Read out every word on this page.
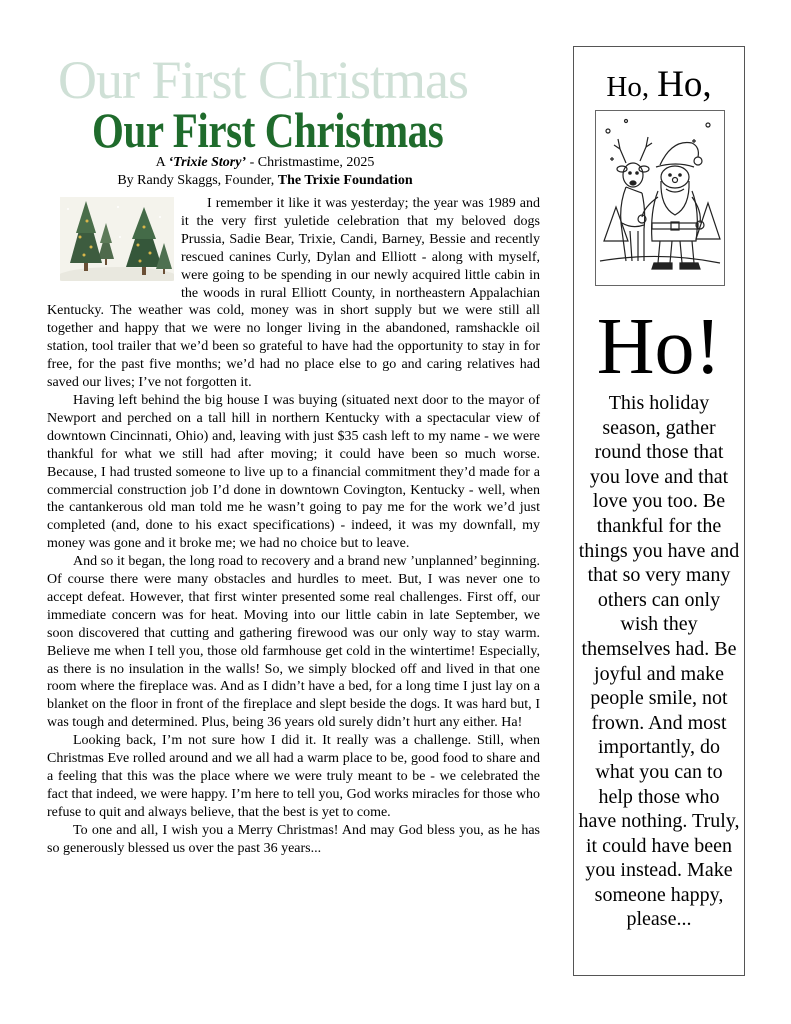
Our First Christmas
Our First Christmas
A ‘Trixie Story’ - Christmastime, 2025
By Randy Skaggs, Founder, The Trixie Foundation

I remember it like it was yesterday; the year was 1989 and it the very first yuletide celebration that my beloved dogs Prussia, Sadie Bear, Trixie, Candi, Barney, Bessie and recently rescued canines Curly, Dylan and Elliott - along with myself, were going to be spending in our newly acquired little cabin in the woods in rural Elliott County, in northeastern Appalachian Kentucky. The weather was cold, money was in short supply but we were still all together and happy that we were no longer living in the abandoned, ramshackle oil station, tool trailer that we’d been so grateful to have had the opportunity to stay in for free, for the past five months; we’d had no place else to go and caring relatives had saved our lives; I’ve not forgotten it.

Having left behind the big house I was buying (situated next door to the mayor of Newport and perched on a tall hill in northern Kentucky with a spectacular view of downtown Cincinnati, Ohio) and, leaving with just $35 cash left to my name - we were thankful for what we still had after moving; it could have been so much worse. Because, I had trusted someone to live up to a financial commitment they’d made for a commercial construction job I’d done in downtown Covington, Kentucky - well, when the cantankerous old man told me he wasn’t going to pay me for the work we’d just completed (and, done to his exact specifications) - indeed, it was my downfall, my money was gone and it broke me; we had no choice but to leave.

And so it began, the long road to recovery and a brand new ’unplanned’ beginning. Of course there were many obstacles and hurdles to meet. But, I was never one to accept defeat. However, that first winter presented some real challenges. First off, our immediate concern was for heat. Moving into our little cabin in late September, we soon discovered that cutting and gathering firewood was our only way to stay warm. Believe me when I tell you, those old farmhouse get cold in the wintertime! Especially, as there is no insulation in the walls! So, we simply blocked off and lived in that one room where the fireplace was. And as I didn’t have a bed, for a long time I just lay on a blanket on the floor in front of the fireplace and slept beside the dogs. It was hard but, I was tough and determined. Plus, being 36 years old surely didn’t hurt any either. Ha!

Looking back, I’m not sure how I did it. It really was a challenge. Still, when Christmas Eve rolled around and we all had a warm place to be, good food to share and a feeling that this was the place where we were truly meant to be - we celebrated the fact that indeed, we were happy. I’m here to tell you, God works miracles for those who refuse to quit and always believe, that the best is yet to come.

To one and all, I wish you a Merry Christmas! And may God bless you, as he has so generously blessed us over the past 36 years...

Ho, Ho,
Ho!
This holiday season, gather round those that you love and that love you too. Be thankful for the things you have and that so very many others can only wish they themselves had. Be joyful and make people smile, not frown. And most importantly, do what you can to help those who have nothing. Truly, it could have been you instead. Make someone happy, please...
